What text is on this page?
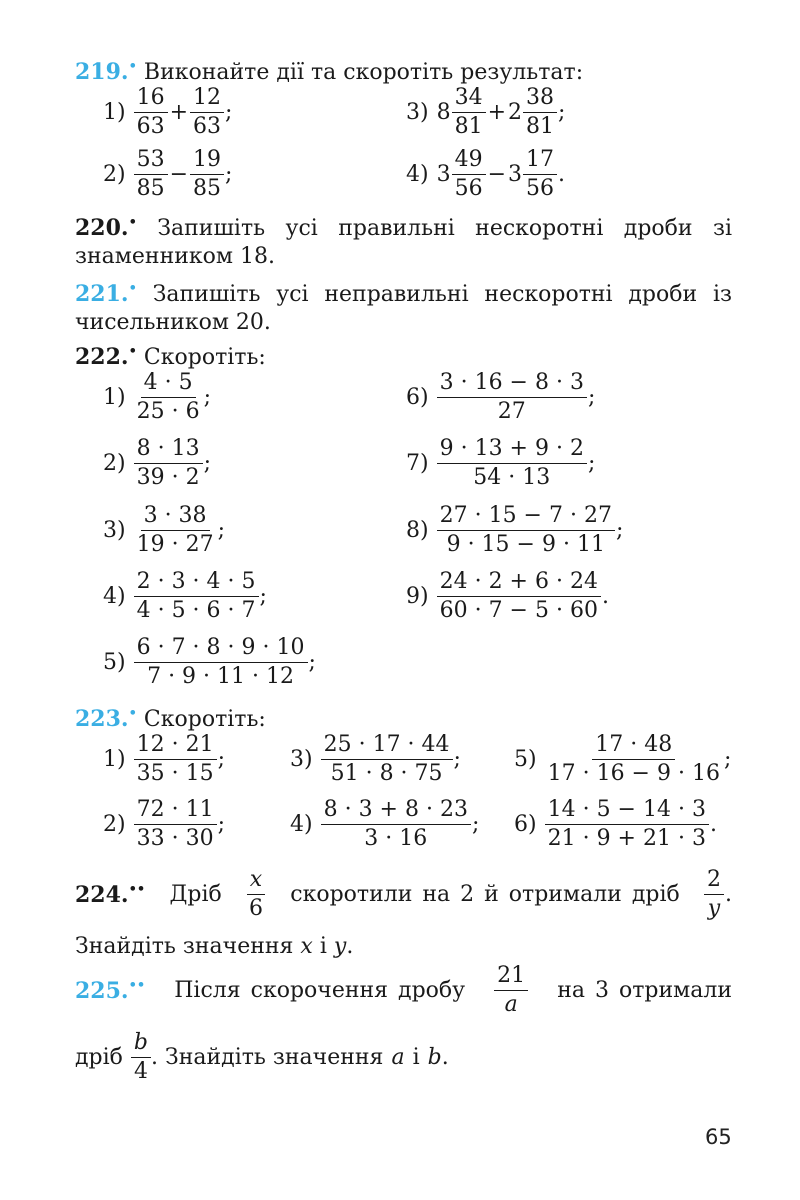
219.• Виконайте дії та скоротіть результат:
$1) \frac{16}{63} + \frac{12}{63}$ ;
$2) \frac{53}{85} - \frac{19}{85}$ ;
3) $8 \frac{34}{81} + 2 \frac{38}{81}$ ;
4) $3 \frac{49}{56} - 3 \frac{17}{56}$ .
220.• Запишіть усі правильні нескоротні дроби зі
знаменником 18.
221.• Запишіть усі неправильні нескоротні дроби із
чисельником 20.
222.• Скоротіть:
$1) \frac{4 \cdot 5}{25 \cdot 6}$ ;
$2) \frac{8 \cdot 13}{39 \cdot 2}$ ;
$3) \frac{3 \cdot 38}{19 \cdot 27}$ ;
$4) \frac{2 \cdot 3 \cdot 4 \cdot 5}{4 \cdot 5 \cdot 6 \cdot 7}$ ;
$5) \frac{6 \cdot 7 \cdot 8 \cdot 9 \cdot 10}{7 \cdot 9 \cdot 11 \cdot 12}$ ;
$6) \frac{3 \cdot 16 - 8 \cdot 3}{27}$ ;
$7) \frac{9 \cdot 13 + 9 \cdot 2}{54 \cdot 13}$ ;
$8) \frac{27 \cdot 15 - 7 \cdot 27}{9 \cdot 15 - 9 \cdot 11}$ ;
$9) \frac{24 \cdot 2 + 6 \cdot 24}{60 \cdot 7 - 5 \cdot 60}$ .
223.• Скоротіть:
$1) \frac{12 \cdot 21}{35 \cdot 15}$ ;
$2) \frac{72 \cdot 11}{33 \cdot 30}$ ;
$3) \frac{25 \cdot 17 \cdot 44}{51 \cdot 8 \cdot 75}$ ;
$4) \frac{8 \cdot 3 + 8 \cdot 23}{3 \cdot 16}$ ;
$5) \frac{17 \cdot 48}{17 \cdot 16 - 9 \cdot 16}$ ;
$6) \frac{14 \cdot 5 - 14 \cdot 3}{21 \cdot 9 + 21 \cdot 3}$ .
224.•• Дріб $\frac{x}{6}$ скоротили на 2 й отримали дріб $\frac{2}{y}$ .
Знайдіть значення x і y.
225.•• Після скорочення дробу $\frac{21}{a}$ на 3 отримали
дріб $\frac{b}{4}$ . Знайдіть значення a і b .
65
